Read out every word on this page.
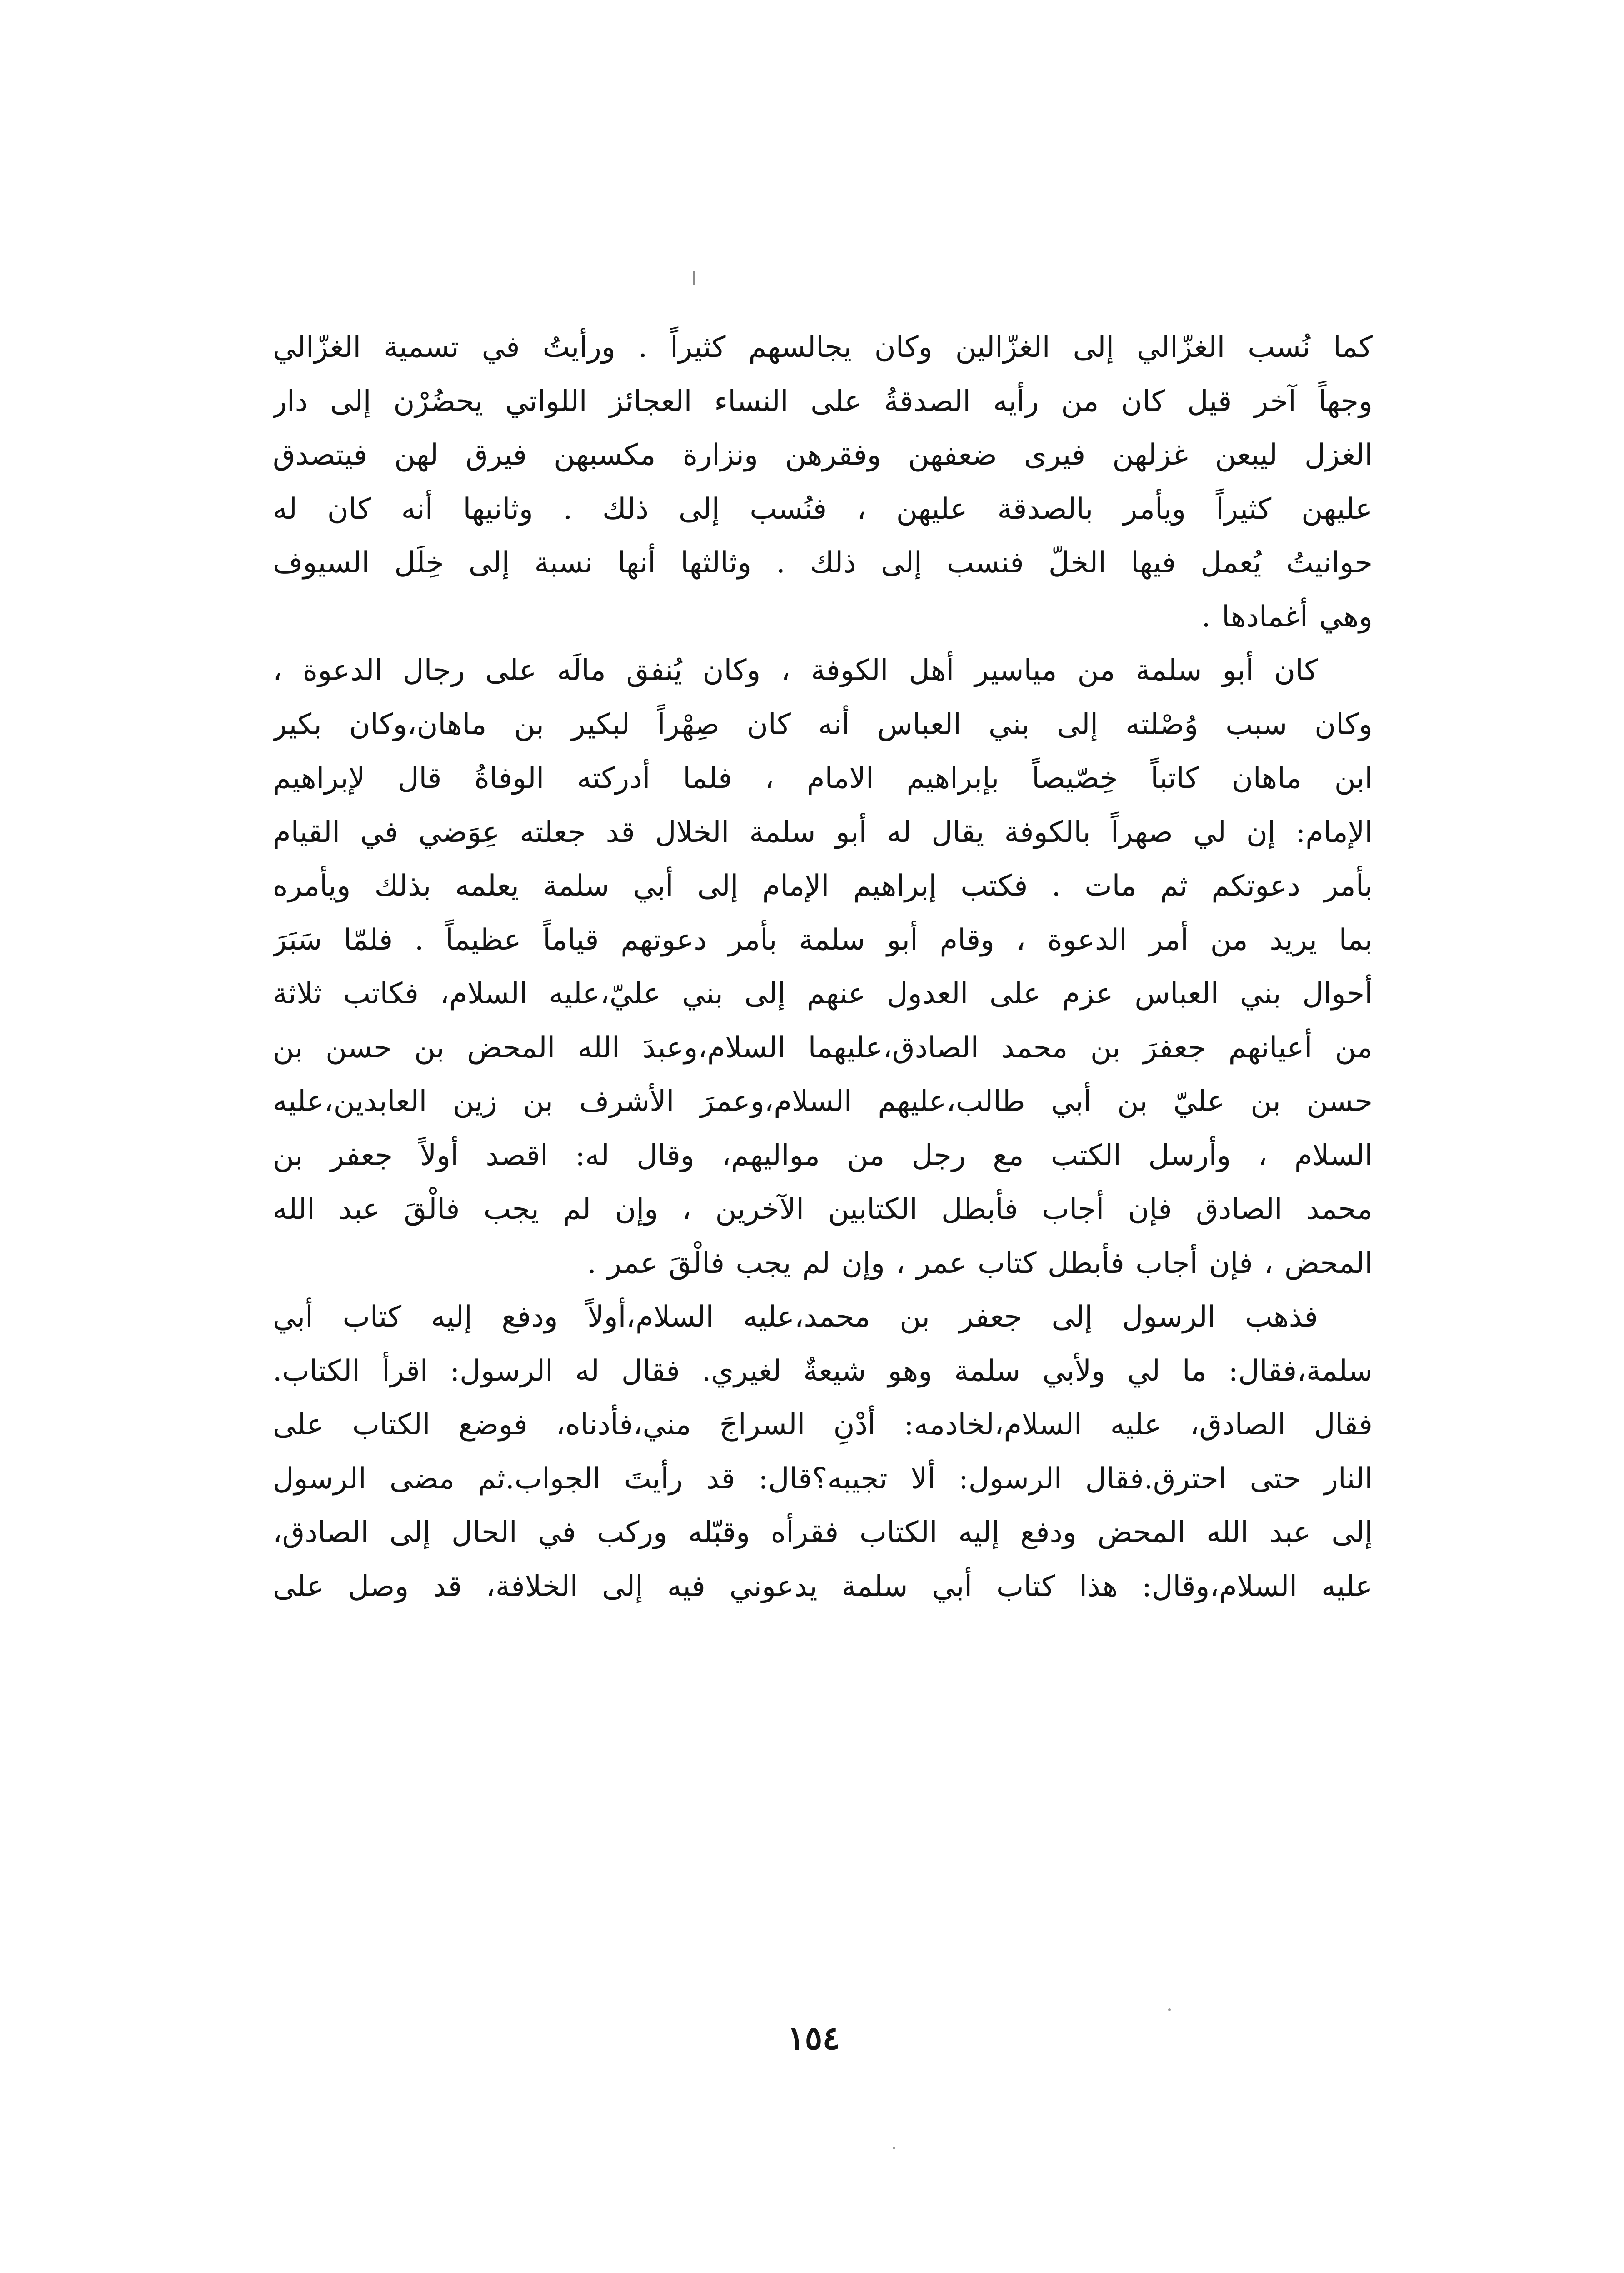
كما نُسب الغزّالي إلى الغزّالين وكان يجالسهم كثيراً . ورأيتُ في تسمية الغزّالي
وجهاً آخر قيل كان من رأيه الصدقةُ على النساء العجائز اللواتي يحضُرْن إلى دار
الغزل ليبعن غزلهن فيرى ضعفهن وفقرهن ونزارة مكسبهن فيرق لهن فيتصدق
عليهن كثيراً ويأمر بالصدقة عليهن ، فنُسب إلى ذلك . وثانيها أنه كان له
حوانيتُ يُعمل فيها الخلّ فنسب إلى ذلك . وثالثها أنها نسبة إلى خِلَل السيوف
وهي أغمادها .
كان أبو سلمة من مياسير أهل الكوفة ، وكان يُنفق مالَه على رجال الدعوة ،
وكان سبب وُصْلته إلى بني العباس أنه كان صِهْراً لبكير بن ماهان،وكان بكير
ابن ماهان كاتباً خِصّيصاً بإبراهيم الامام ، فلما أدركته الوفاةُ قال لإبراهيم
الإمام: إن لي صهراً بالكوفة يقال له أبو سلمة الخلال قد جعلته عِوَضي في القيام
بأمر دعوتكم ثم مات . فكتب إبراهيم الإمام إلى أبي سلمة يعلمه بذلك ويأمره
بما يريد من أمر الدعوة ، وقام أبو سلمة بأمر دعوتهم قياماً عظيماً . فلمّا سَبَرَ
أحوال بني العباس عزم على العدول عنهم إلى بني عليّ،عليه السلام، فكاتب ثلاثة
من أعيانهم جعفرَ بن محمد الصادق،عليهما السلام،وعبدَ الله المحض بن حسن بن
حسن بن عليّ بن أبي طالب،عليهم السلام،وعمرَ الأشرف بن زين العابدين،عليه
السلام ، وأرسل الكتب مع رجل من مواليهم، وقال له: اقصد أولاً جعفر بن
محمد الصادق فإن أجاب فأبطل الكتابين الآخرين ، وإن لم يجب فالْقَ عبد الله
المحض ، فإن أجاب فأبطل كتاب عمر ، وإن لم يجب فالْقَ عمر .
فذهب الرسول إلى جعفر بن محمد،عليه السلام،أولاً ودفع إليه كتاب أبي
سلمة،فقال: ما لي ولأبي سلمة وهو شيعةٌ لغيري. فقال له الرسول: اقرأ الكتاب.
فقال الصادق، عليه السلام،لخادمه: أدْنِ السراجَ مني،فأدناه، فوضع الكتاب على
النار حتى احترق.فقال الرسول: ألا تجيبه؟قال: قد رأيتَ الجواب.ثم مضى الرسول
إلى عبد الله المحض ودفع إليه الكتاب فقرأه وقبّله وركب في الحال إلى الصادق،
عليه السلام،وقال: هذا كتاب أبي سلمة يدعوني فيه إلى الخلافة، قد وصل على
١٥٤
